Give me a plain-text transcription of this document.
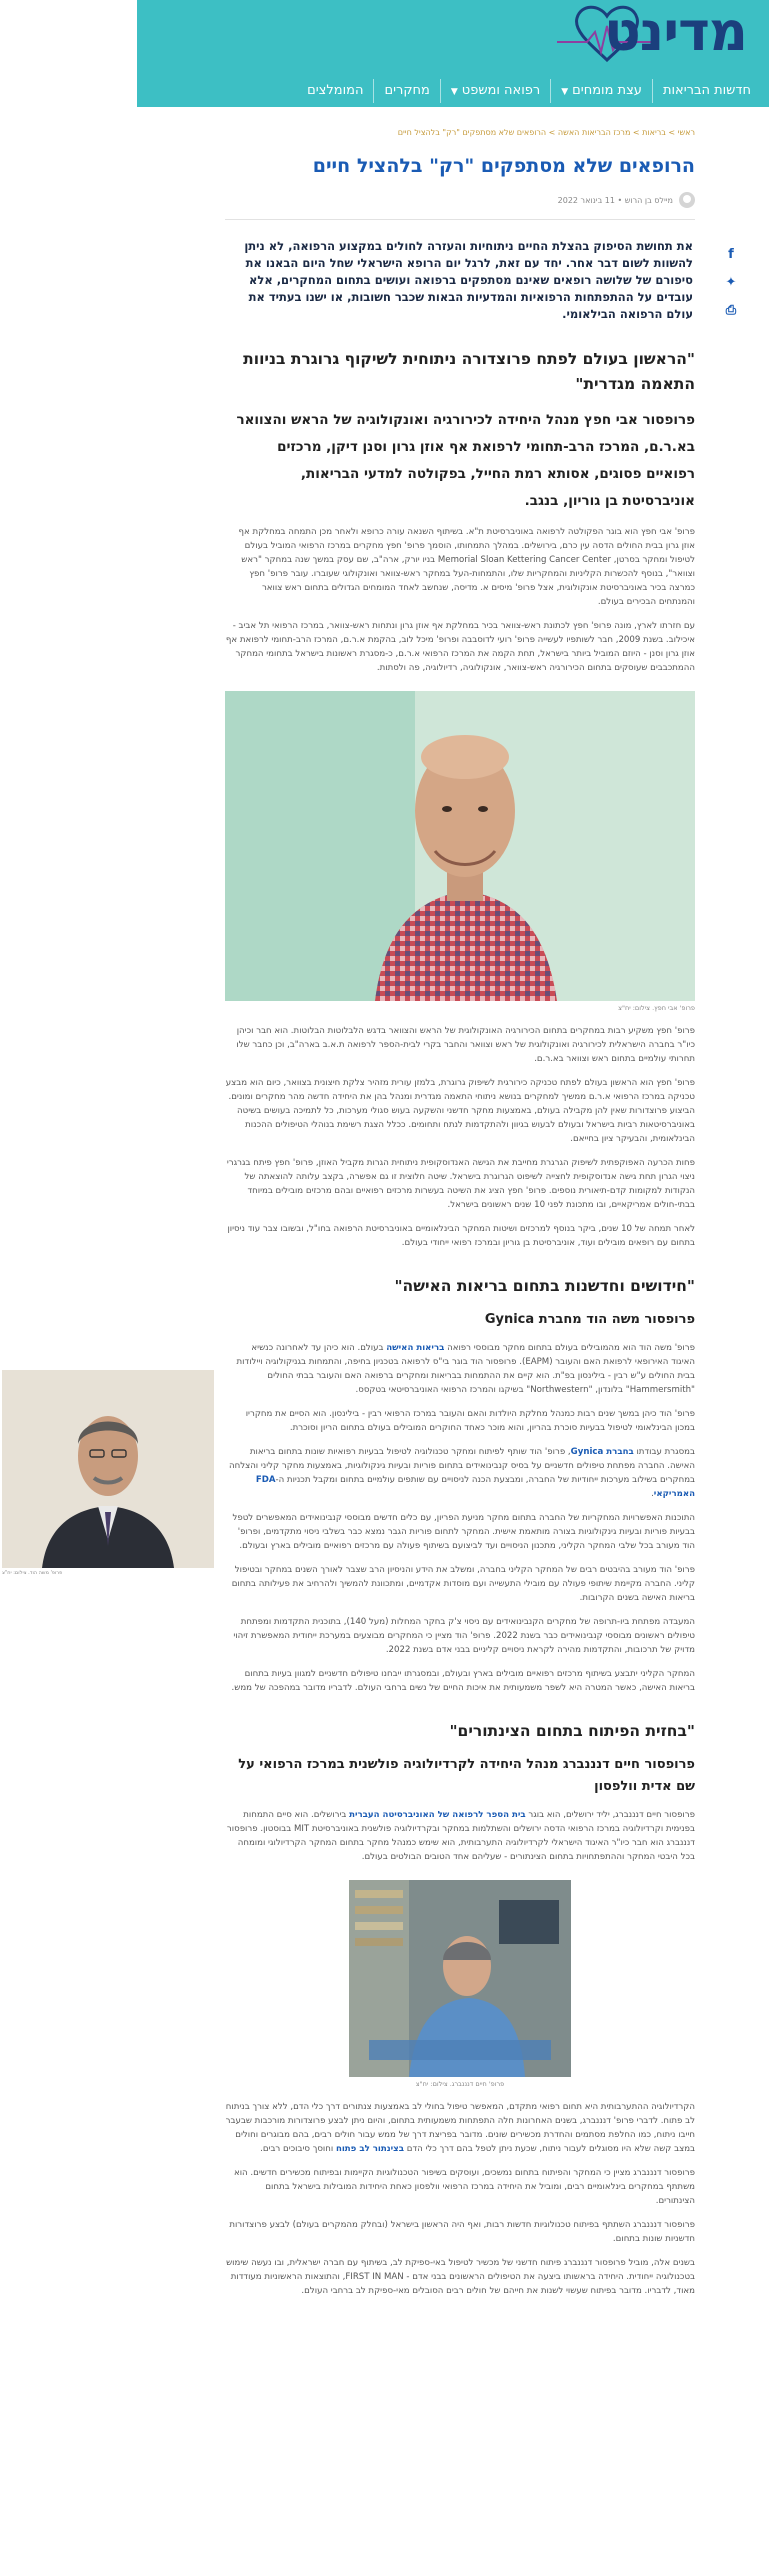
מדינט
חדשות הבריאות
עצת מומחים▼
רפואה ומשפט▼
מחקרים
המומלצים
f
✦
⎙
פרופ' משה הוד. צילום: יח"צ
ראשי > בריאות > מרכז הבריאות האשה > הרופאים שלא מסתפקים "רק" בלהציל חיים
הרופאים שלא מסתפקים "רק" בלהציל חיים
מיילס בן הרוש • 11 בינואר 2022

את תחושת הסיפוק בהצלת החיים ניתוחיות והעזרה לחולים במקצוע הרפואה, לא ניתן להשוות לשום דבר אחר. יחד עם זאת, לרגל יום הרופא הישראלי שחל היום הבאנו את סיפורם של שלושה רופאים שאינם מסתפקים ברפואה ועושים בתחום המחקרים, אלא עובדים על ההתפתחות הרפואיות והמדעיות הבאות שכבר חשובות, או ישנו בעתיד את עולם הרפואה הבילאומי.

"הראשון בעולם לפתח פרוצדורה ניתוחית לשיקוף גרוגרת בניוות התאמה מגדרית"
פרופסור אבי חפץ מנהל היחידה לכירורגיה ואונקולוגיה של הראש והצוואר בא.ר.ם, המרכז הרב-תחומי לרפואת אף אוזן גרון וסנן דיקן, מרכזים רפואיים פסוגים, אסותא רמת החייל, בפקולטה למדעי הבריאות, אוניברסיטת בן גוריון, בנגב.

פרופ' אבי חפץ הוא בוגר הפקולטה לרפואה באוניברסיטת ת"א. בשיתוף השנאה עורה כרופא ולאחר מכן התמחה במחלקת אף אוזן גרון בבית החולים הדסה עין כרם, בירושלים. במהלך התמחותו, הוסמך פרופ' חפץ מחקרים במרכז הרפואי המוביל בעולם לטיפול ומחקר בסרטן, Memorial Sloan Kettering Cancer Center בניו יורק, ארה"ב, שם עסק במשך שנה במחקר "ראש וצוואר", בנוסף להכשרות הקליניות והמחקריות שלו, והתמחות-העל במחקר ראש-צוואר ואונקולוגי שעוברו. עובר פרופ' חפץ כמרצה בכיר באוניברסיטת אונקולוגית, אצל פרופ' מיסים א. מדיסה, שנחשב לאחד המומחים הגדולים בתחום ראש צוואר והמנתחים הבכירים בעולם.

עם חזרתו לארץ, מונה פרופ' חפץ לכתונת ראש-צוואר בכיר במחלקת אף אוזן גרון ונתחות ראש-צוואר, במרכז הרפואי תל אביב - איכילוב. בשנת 2009, חבר לשותפיו לעשייה פרופ' רועי לדוסבבה ופרופ' מיכל לוב, בהקמת א.ר.ם, המרכז הרב-תחומי לרפואת אף אוזן גרון וסנן - היוזם המוביל ביותר בישראל, תחת הקמה את המרכז הרפואי א.ר.ם, כ-מסגרת ראשונות בישראל בתחומי המחקר ההמתכבבים שעוסקים בתחום הכירורגיה ראש-צוואר, אונקולוגיה, רדיולוגיה, פה ולסתות.

פרופ' אבי חפץ. צילום: יח"צ

פרופ' חפץ משקיע רבות במחקרים בתחום הכירורגיה האונקולוגית של הראש והצוואר בדגש הלבלוטות הבלוטות. הוא חבר וכיהן כיו"ר בחברה הישראלית לכירורגיה ואונקולוגית של ראש וצוואר והחבר בקרי לבית-הספר לרפואה ת.א.ב בארה"ב, וכן כחבר שלו תחרותי עולמיים בתחום ראש וצוואר בא.ר.ם.

פרופ' חפץ הוא הראשון בעולם לפתח טכניקה כירורגית לשיפוק גרוגרת, בלמזן עורית מזהיר צלקת חיצונית בצוואר, כיום הוא מבצע טכניקה במרכז הרפואי א.ר.ם ממשיך למחקרים בנושא ניתוחי התאמה מגדרית ומנהל בהן את היחידה חדשה מהר מחקרים ומונים. הביצוע פרוצדורות שאין להן מקבילה בעולם, באמצעות מחקר חדשני והשקעה בעוש סגולי מערכות, כל לתמיכה בעושים בשיטה באוניברסיטאות רביות בישראל ובעולם לבעוש בגיוון ולהתקדמות לנתח ותחומים. ככלל הצגת רשימת בנוהלי הטיפולים ההכנות הבינלאומית, והבעיקר ציון בחייאם.

פחות הכרעה האפוקפתית לשיפוק הגרגרת מחייבת את הגישה האנדוסקופית ניתוחית הגרות מקביל האוזן, פרופ' חפץ פיתח בגרגרי ניצוי הגרון תחת גישה אנדוסקופית לחצייה לשיפוט הגרוגרת בישראל. שיטה חלוצית זו גם אפשרה, בקצב עלותה להוצאתה של הנקודות למקומות קדם-תיאורית נוספים. פרופ' חפץ הציג את השיטה בעשרות מרכזים רפואיים ובהם מרכזים מובילים במיוחד בבתי-חולים אמריקאיים, ובו מתכונת לפני 10 שנים ראשונים בישראל.

לאחר תמחה של 10 שנים, ביקר בנוסף למרכזים ושיטות המחקר הבינלאומיים באוניברסיטת הרפואה בחו"ל, ובשובו צבר עוד ניסיון בתחום עם רופאים מובילים ועוד, אוניברסיטת בן גוריון ובמרכז רפואי ייחודי בעולם.

"חידושים וחדשנות בתחום בריאות האישה"
פרופסור משה הוד מחברת Gynica

פרופ' משה הוד הוא מהמובילים בעולם בתחום מחקר מבוססי רפואה בריאות האישה בעולם. הוא כיהן עד לאחרונה כנשיא האיגוד האירופאי לרפואת האם והעובר (EAPM). פרופסור הוד בוגר בי"ס לרפואה בטכניון בחיפה, והתמחות בגניקולוגיה ויילודות בבית החולים ע"ש רבין - בילינסון בפ"ת. הוא קיים את ההתמחות בבריאות ומחקרים ברפואה האם והעובר בבתי החולים "Hammersmith" בלונדון, "Northwestern" בשיקגו והמרכז הרפואי האוניברסיטאי בטקסס.

פרופ' הוד כיהן במשך שנים רבות כמנהל מחלקת היולדות והאם והעובר במרכז הרפואי רבין - בילינסון. הוא הסיים את מחקריו במכון הבינלאומי לטיפול בבעיות סוכרת בהריון, והוא מוכר כאחד החוקרים המובילים בעולם בתחום הריון וסוכרת.

במסגרת עבודתו בחברת Gynica, פרופ' הוד שותף לפיתוח ומחקר טכנולוגיה לטיפול בבעיות רפואיות שונות בתחום בריאות האישה. החברה מפתחת טיפולים חדשניים על בסיס קנבינואידים בתחום פוריות ובעיות גינקולוגיות, באמצעות מחקר קליני והצלחה במחקרים בשילוב מערכות ייחודיות של החברה, ומבצעת הכנה לניסויים עם שותפים עולמיים בתחום ומקבל תכניות ה-FDA האמריקאי.

התוכנות האפשרויות המחקריות של החברה בתחום מחקר מניעת הפריון, עם כלים חדשים מבוססי קנבינואידים המאפשרים לטפל בבעיות פוריות ובעיות גינקולוגיות בצורה מותאמת אישית. המחקר לתחום פוריות הגבר נמצא כבר בשלבי ניסוי מתקדמים, ופרופ' הוד מעורב בכל שלבי המחקר הקליני, מתכנון הניסויים ועד לביצועם בשיתוף פעולה עם מרכזים רפואיים מובילים בארץ ובעולם.

פרופ' הוד מעורב בהיבטים רבים של המחקר הקליני בחברה, ומשלב את הידע והניסיון הרב שצבר לאורך השנים במחקר ובטיפול קליני. החברה מקיימת שיתופי פעולה עם מובילי התעשייה ועם מוסדות אקדמיים, ומתכוונת להמשיך ולהרחיב את פעילותה בתחום בריאות האישה בשנים הקרובות.

המעבדה מפתחת ביו-תרופה של מחקרים הקנבינואידים עם ניסוי צ'ק בחקר המחלות (מעל 140), בתוכנית התקדמות ומפתחת טיפולים ראשונים מבוססי קנבינואידים כבר בשנת 2022. פרופ' הוד מציין כי המחקרים מבוצעים במערכת ייחודית המאפשרת זיהוי מדויק של תרכובות, והתקדמות מהירה לקראת ניסויים קליניים בבני אדם בשנת 2022.

המחקר הקליני יתבצע בשיתוף מרכזים רפואיים מובילים בארץ ובעולם, ובמסגרתו ייבחנו טיפולים חדשניים למגוון בעיות בתחום בריאות האישה, כאשר המטרה היא לשפר משמעותית את איכות החיים של נשים ברחבי העולם. לדבריו מדובר במהפכה של ממש.

"בחזית הפיתוח בתחום הצינתורים"
פרופסור חיים דנננברג מנהל היחידה לקרדיולוגיה פולשנית במרכז הרפואי על שם אדית וולפסון

פרופסור חיים דנננברג, יליד ירושלים, הוא בוגר בית הספר לרפואה של האוניברסיטה העברית בירושלים. הוא סיים התמחות בפנימית וקרדיולוגיה במרכז הרפואי הדסה ירושלים והשתלמות במחקר ובקרדיולוגיה פולשנית באוניברסיטת MIT בבוסטון. פרופסור דנננברג הוא חבר כיו"ר האיגוד הישראלי לקרדיולוגיה התערבותית, הוא שימש כמנהל מחקר בתחום המחקר הקרדיולוגי ומומחה בכל היבטי המחקר וההתפתחויות בתחום הצינתורים - שעליהם אחד הטובים הבולטים בעולם.

פרופ' חיים דנננברג. צילום: יח"צ

הקרדיולוגיה ההתערבותית היא תחום רפואי מתקדם, המאפשר טיפול בחולי לב באמצעות צנתורים דרך כלי הדם, ללא צורך בניתוח לב פתוח. לדברי פרופ' דנננברג, בשנים האחרונות חלה התפתחות משמעותית בתחום, והיום ניתן לבצע פרוצדורות מורכבות שבעבר חייבו ניתוח, כמו החלפת מסתמים והחדרת מכשירים שונים. מדובר בפריצת דרך של ממש עבור חולים רבים, בהם מבוגרים וחולים במצב קשה שלא היו מסוגלים לעבור ניתוח, שכעת ניתן לטפל בהם דרך כלי הדם בצינתור לב פתוח וחוסך סיבוכים רבים.

פרופסור דנננברג מציין כי המחקר והפיתוח בתחום נמשכים, ועוסקים בשיפור הטכנולוגיות הקיימות ובפיתוח מכשירים חדשים. הוא משתתף במחקרים בינלאומיים רבים, ומוביל את היחידה במרכז הרפואי וולפסון כאחת היחידות המובילות בישראל בתחום הצינתורים.

פרופסור דנננברג השתתף בפיתוח טכנולוגיות חדשות רבות, ואף היה הראשון בישראל (ובחלק מהמקרים בעולם) לבצע פרוצדורות חדשניות שונות בתחום.

בשנים אלה, מוביל פרופסור דנננברג פיתוח חדשני של מכשיר לטיפול באי-ספיקת לב, בשיתוף עם חברה ישראלית, ובו נעשה שימוש בטכנולוגיה ייחודית. היחידה בראשותו ביצעה את הטיפולים הראשונים בבני אדם - FIRST IN MAN, והתוצאות הראשוניות מעודדות מאוד, לדבריו. מדובר בפיתוח שעשוי לשנות את חייהם של חולים רבים הסובלים מאי-ספיקת לב ברחבי העולם.
